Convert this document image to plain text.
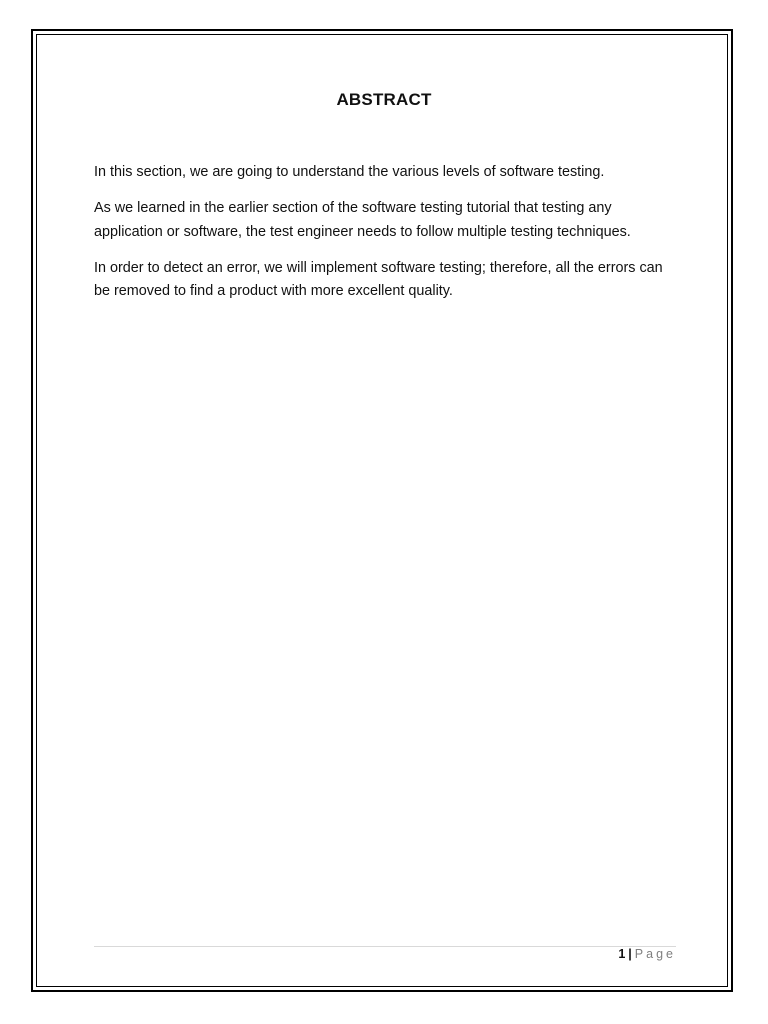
ABSTRACT

In this section, we are going to understand the various levels of software testing.

As we learned in the earlier section of the software testing tutorial that testing any application or software, the test engineer needs to follow multiple testing techniques.

In order to detect an error, we will implement software testing; therefore, all the errors can be removed to find a product with more excellent quality.

1 | Page
